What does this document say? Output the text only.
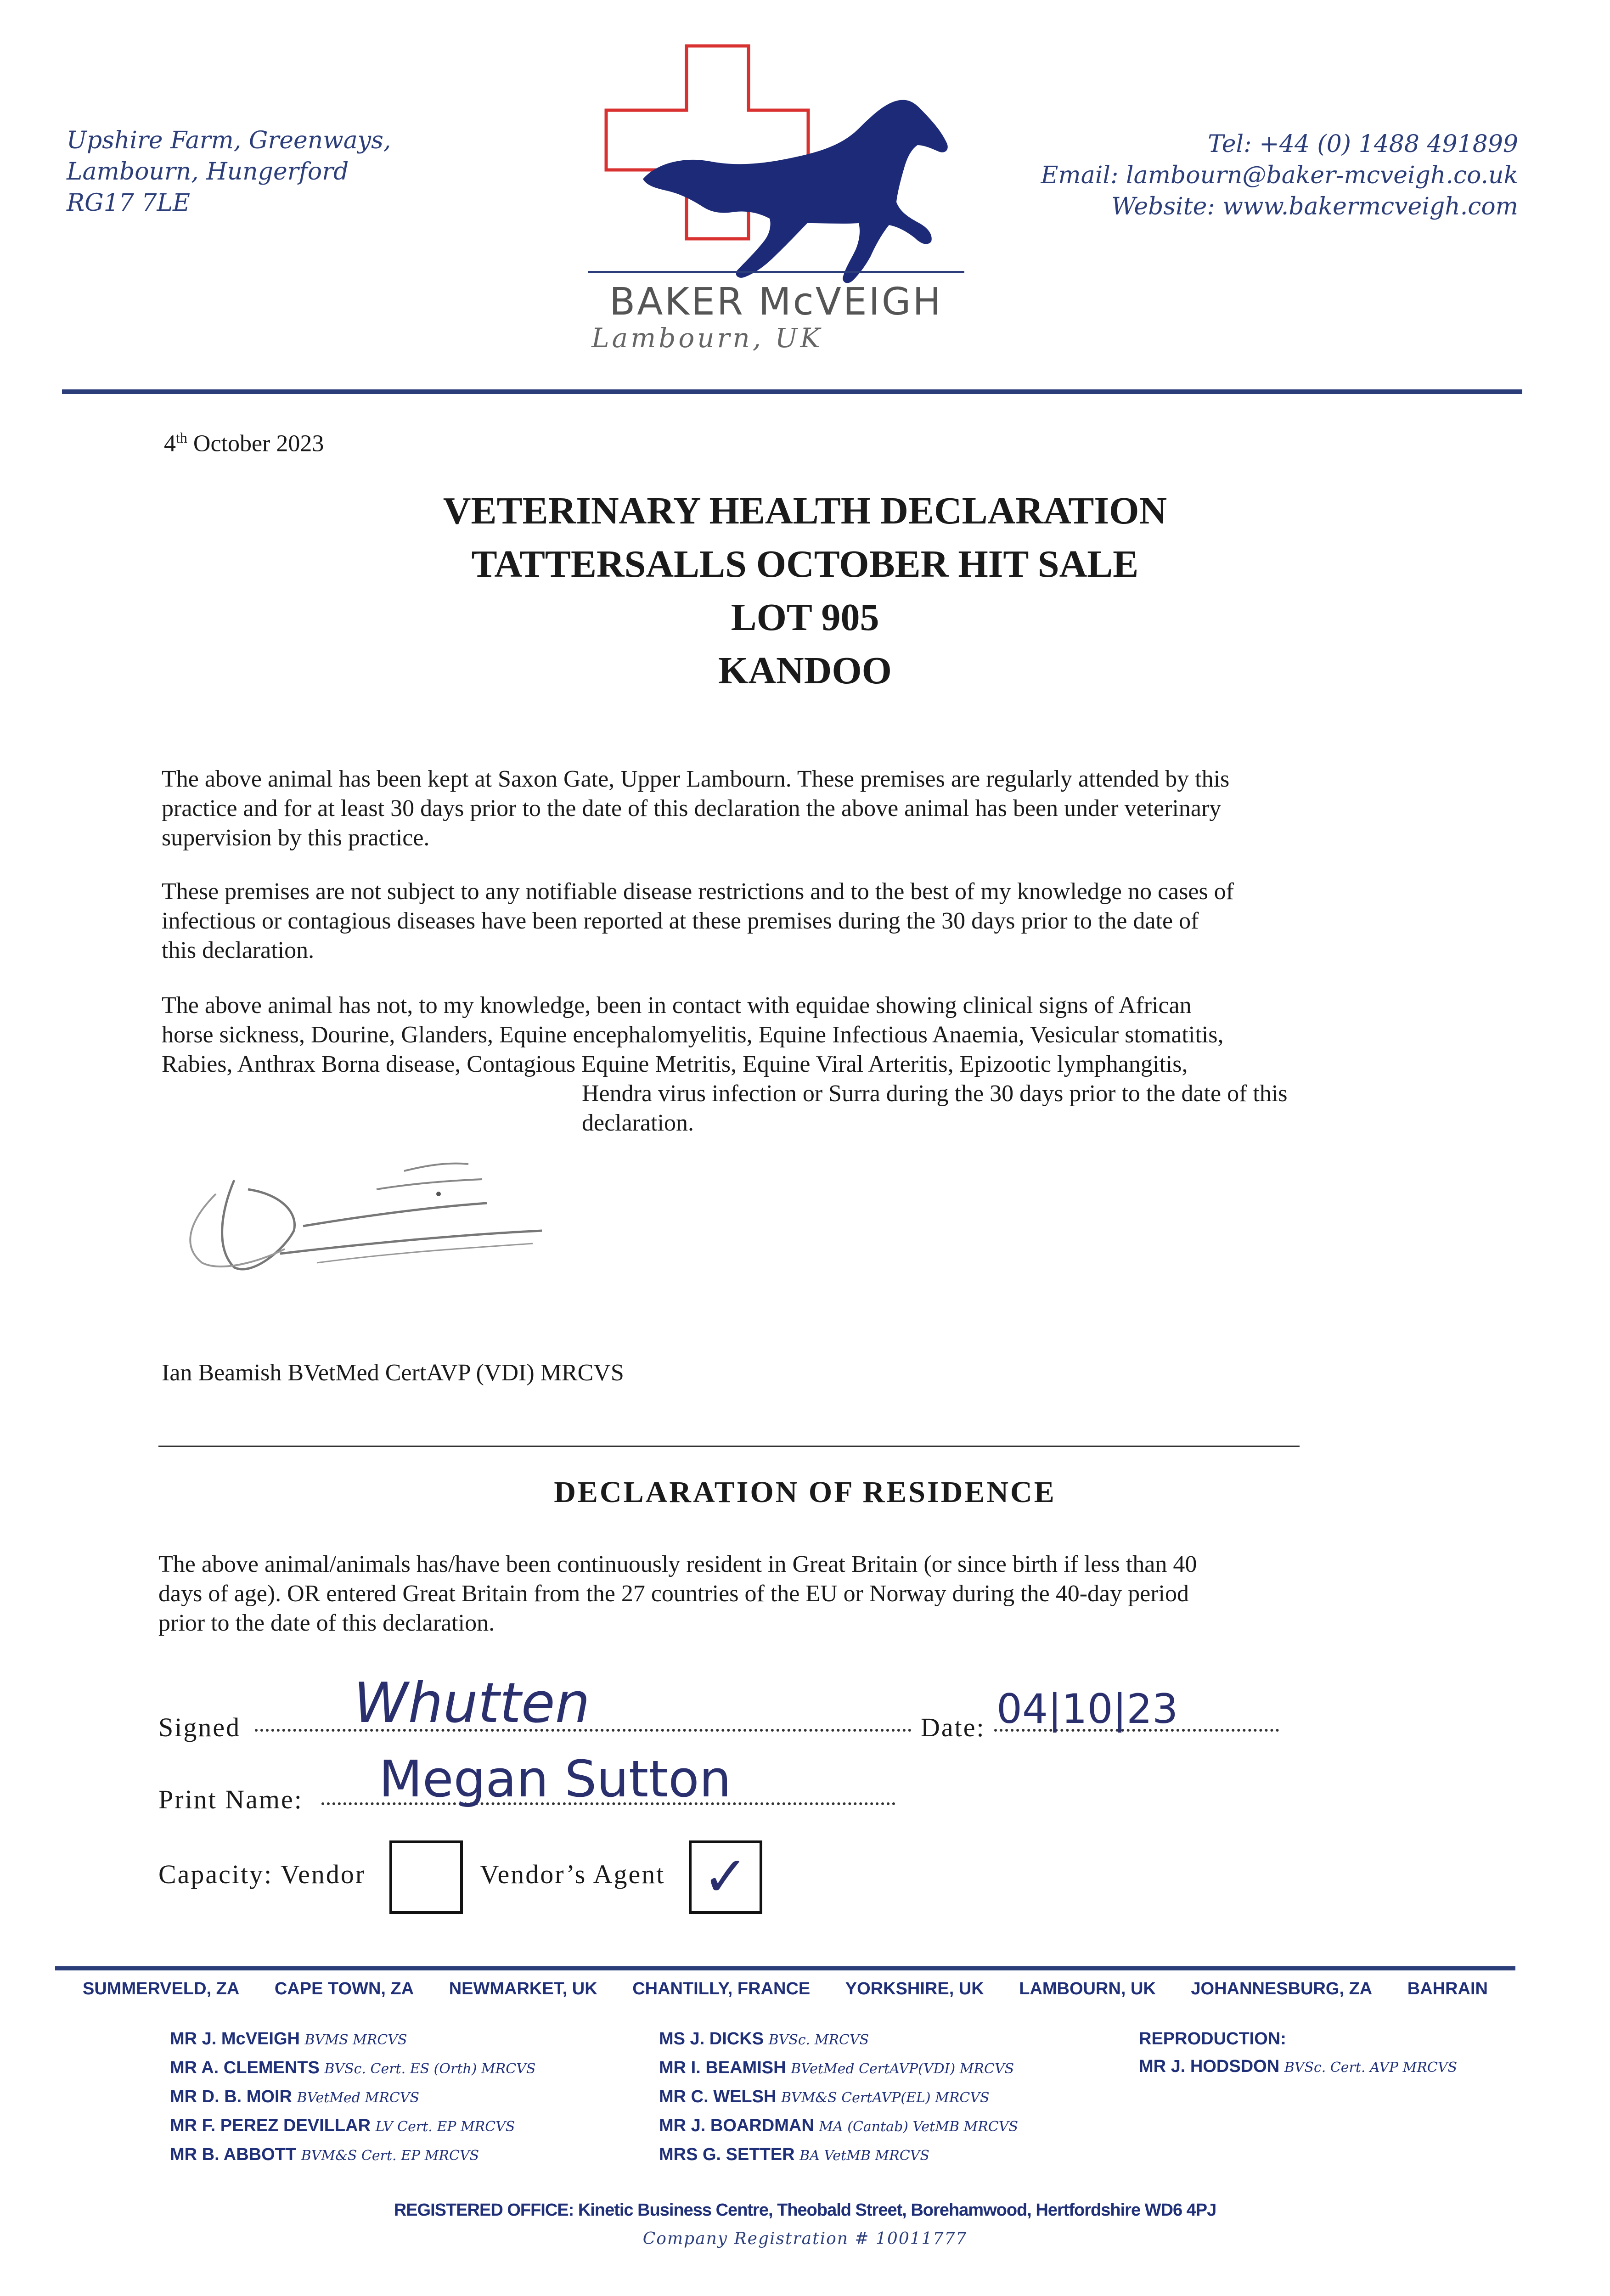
Upshire Farm, Greenways,
Lambourn, Hungerford
RG17 7LE
Tel: +44 (0) 1488 491899
Email: lambourn@baker-mcveigh.co.uk
Website: www.bakermcveigh.com
BAKER McVEIGH
Lambourn, UK
4th October 2023
VETERINARY HEALTH DECLARATION
TATTERSALLS OCTOBER HIT SALE
LOT 905
KANDOO
The above animal has been kept at Saxon Gate, Upper Lambourn. These premises are regularly attended by this
practice and for at least 30 days prior to the date of this declaration the above animal has been under veterinary
supervision by this practice.
These premises are not subject to any notifiable disease restrictions and to the best of my knowledge no cases of
infectious or contagious diseases have been reported at these premises during the 30 days prior to the date of
this declaration.
The above animal has not, to my knowledge, been in contact with equidae showing clinical signs of African
horse sickness, Dourine, Glanders, Equine encephalomyelitis, Equine Infectious Anaemia, Vesicular stomatitis,
Rabies, Anthrax Borna disease, Contagious Equine Metritis, Equine Viral Arteritis, Epizootic lymphangitis,
Hendra virus infection or Surra during the 30 days prior to the date of this
declaration.
Ian Beamish BVetMed CertAVP (VDI) MRCVS
DECLARATION OF RESIDENCE
The above animal/animals has/have been continuously resident in Great Britain (or since birth if less than 40
days of age). OR entered Great Britain from the 27 countries of the EU or Norway during the 40-day period
prior to the date of this declaration.
Signed Whutten	Date: 04|10|23
Print Name: Megan Sutton
Capacity: Vendor	Vendor’s Agent ✓
SUMMERVELD, ZA CAPE TOWN, ZA NEWMARKET, UK CHANTILLY, FRANCE YORKSHIRE, UK LAMBOURN, UK JOHANNESBURG, ZA BAHRAIN
MR J. McVEIGH BVMS MRCVS
MR A. CLEMENTS BVSc. Cert. ES (Orth) MRCVS
MR D. B. MOIR BVetMed MRCVS
MR F. PEREZ DEVILLAR LV Cert. EP MRCVS
MR B. ABBOTT BVM&S Cert. EP MRCVS
MS J. DICKS BVSc. MRCVS
MR I. BEAMISH BVetMed CertAVP(VDI) MRCVS
MR C. WELSH BVM&S CertAVP(EL) MRCVS
MR J. BOARDMAN MA (Cantab) VetMB MRCVS
MRS G. SETTER BA VetMB MRCVS
REPRODUCTION:
MR J. HODSDON BVSc. Cert. AVP MRCVS
REGISTERED OFFICE: Kinetic Business Centre, Theobald Street, Borehamwood, Hertfordshire WD6 4PJ
Company Registration # 10011777
